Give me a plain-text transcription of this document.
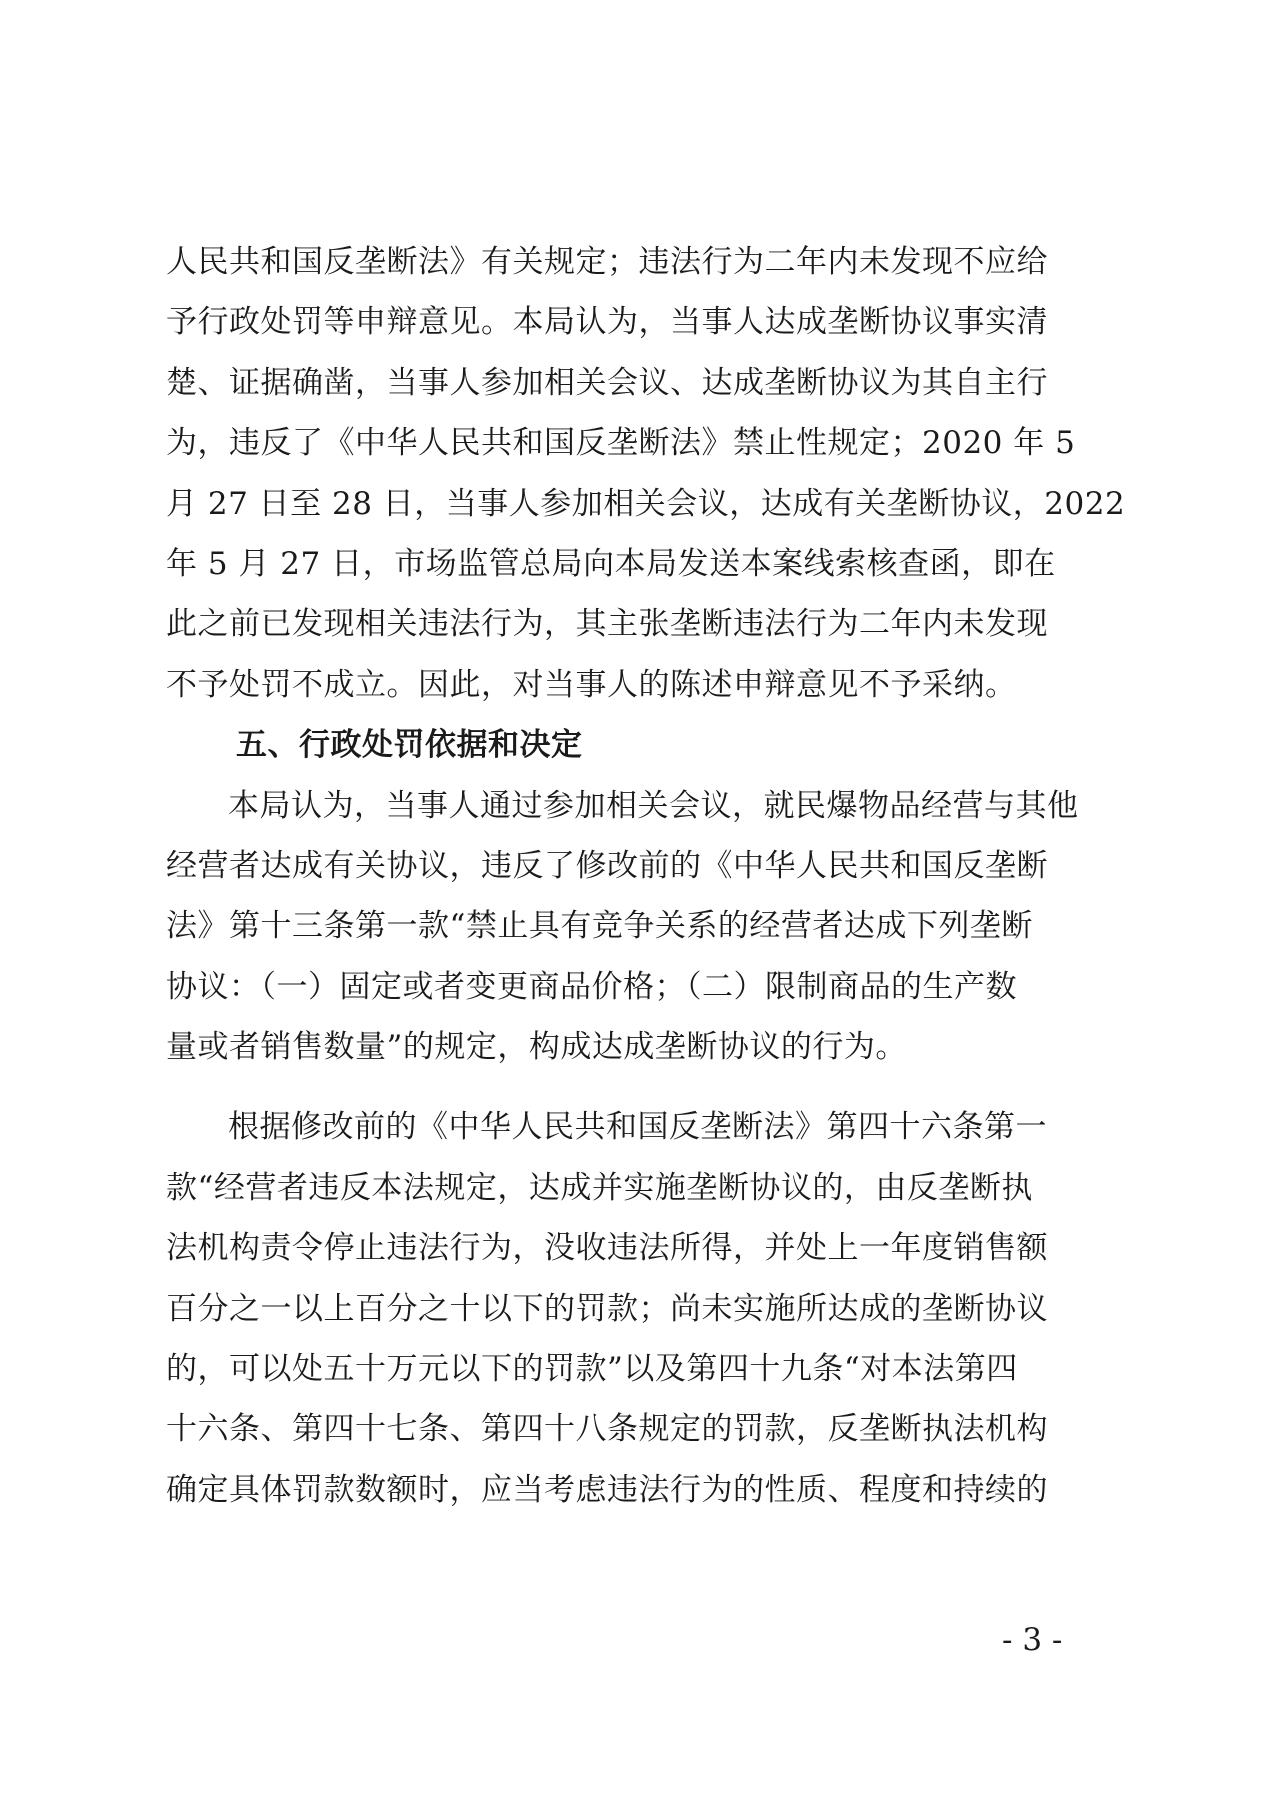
人民共和国反垄断法》有关规定；违法行为二年内未发现不应给
予行政处罚等申辩意见。本局认为，当事人达成垄断协议事实清
楚、证据确凿，当事人参加相关会议、达成垄断协议为其自主行
为，违反了《中华人民共和国反垄断法》禁止性规定；2020 年 5
月 27 日至 28 日，当事人参加相关会议，达成有关垄断协议，2022
年 5 月 27 日，市场监管总局向本局发送本案线索核查函，即在
此之前已发现相关违法行为，其主张垄断违法行为二年内未发现
不予处罚不成立。因此，对当事人的陈述申辩意见不予采纳。
五、行政处罚依据和决定
本局认为，当事人通过参加相关会议，就民爆物品经营与其他
经营者达成有关协议，违反了修改前的《中华人民共和国反垄断
法》第十三条第一款“禁止具有竞争关系的经营者达成下列垄断
协议：（一）固定或者变更商品价格；（二）限制商品的生产数
量或者销售数量”的规定，构成达成垄断协议的行为。
根据修改前的《中华人民共和国反垄断法》第四十六条第一
款“经营者违反本法规定，达成并实施垄断协议的，由反垄断执
法机构责令停止违法行为，没收违法所得，并处上一年度销售额
百分之一以上百分之十以下的罚款；尚未实施所达成的垄断协议
的，可以处五十万元以下的罚款”以及第四十九条“对本法第四
十六条、第四十七条、第四十八条规定的罚款，反垄断执法机构
确定具体罚款数额时，应当考虑违法行为的性质、程度和持续的
- 3 -
